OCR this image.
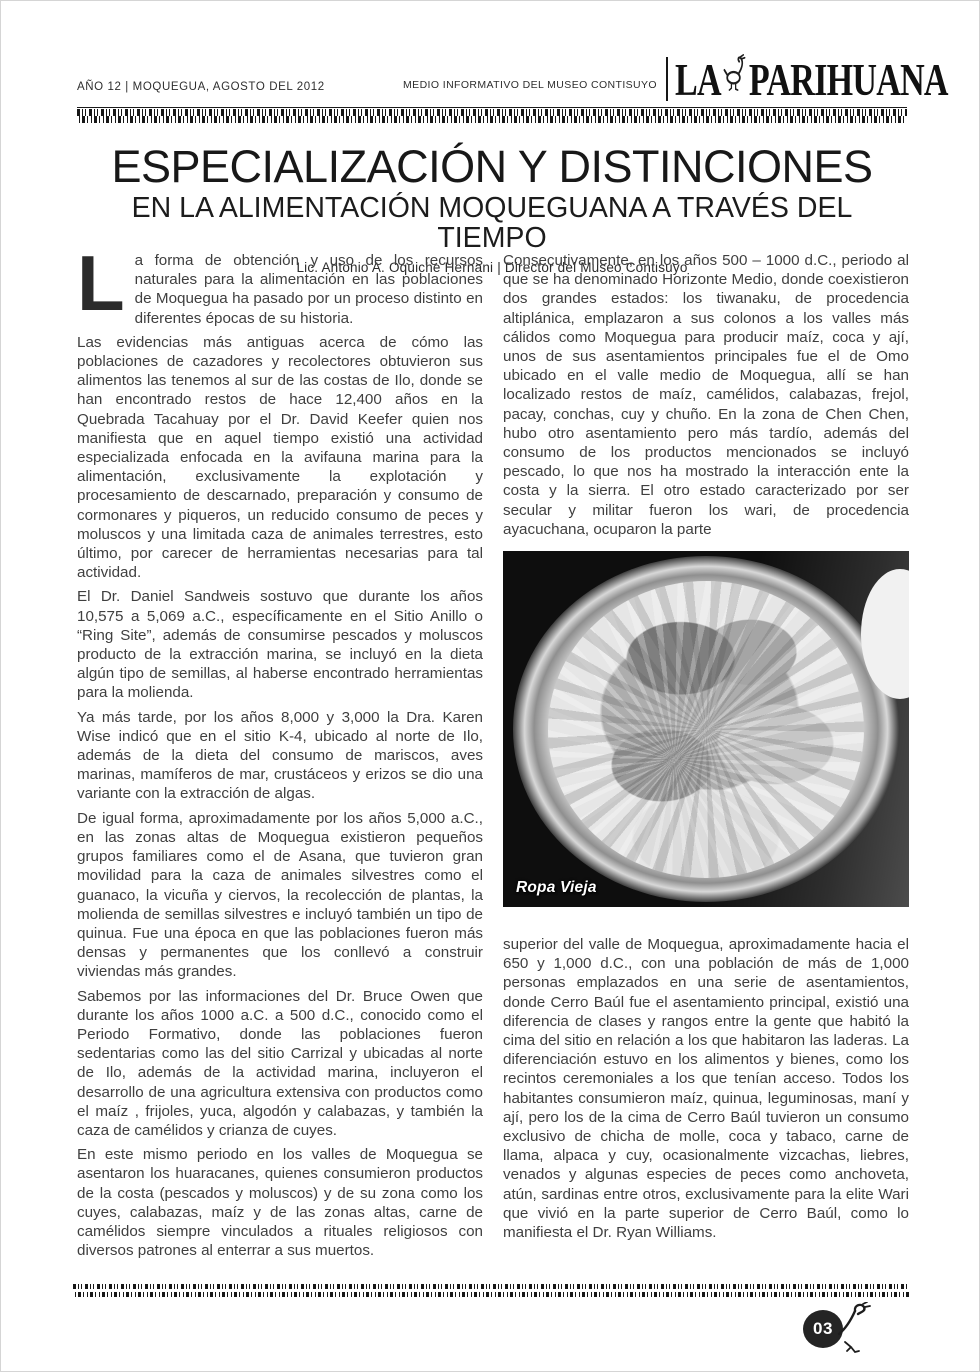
AÑO 12 | MOQUEGUA, AGOSTO DEL 2012	MEDIO INFORMATIVO DEL MUSEO CONTISUYO LA PARIHUANA
ESPECIALIZACIÓN Y DISTINCIONES
EN LA ALIMENTACIÓN MOQUEGUANA A TRAVÉS DEL TIEMPO
Lic. Antonio A. Oquiche Hernani | Director del Museo Contisuyo

La forma de obtención y uso de los recursos naturales para la alimentación en las poblaciones de Moquegua ha pasado por un proceso distinto en diferentes épocas de su historia.

Las evidencias más antiguas acerca de cómo las poblaciones de cazadores y recolectores obtuvieron sus alimentos las tenemos al sur de las costas de Ilo, donde se han encontrado restos de hace 12,400 años en la Quebrada Tacahuay por el Dr. David Keefer quien nos manifiesta que en aquel tiempo existió una actividad especializada enfocada en la avifauna marina para la alimentación, exclusivamente la explotación y procesamiento de descarnado, preparación y consumo de cormonares y piqueros, un reducido consumo de peces y moluscos y una limitada caza de animales terrestres, esto último, por carecer de herramientas necesarias para tal actividad.

El Dr. Daniel Sandweis sostuvo que durante los años 10,575 a 5,069 a.C., específicamente en el Sitio Anillo o “Ring Site”, además de consumirse pescados y moluscos producto de la extracción marina, se incluyó en la dieta algún tipo de semillas, al haberse encontrado herramientas para la molienda.

Ya más tarde, por los años 8,000 y 3,000 la Dra. Karen Wise indicó que en el sitio K-4, ubicado al norte de Ilo, además de la dieta del consumo de mariscos, aves marinas, mamíferos de mar, crustáceos y erizos se dio una variante con la extracción de algas.

De igual forma, aproximadamente por los años 5,000 a.C., en las zonas altas de Moquegua existieron pequeños grupos familiares como el de Asana, que tuvieron gran movilidad para la caza de animales silvestres como el guanaco, la vicuña y ciervos, la recolección de plantas, la molienda de semillas silvestres e incluyó también un tipo de quinua. Fue una época en que las poblaciones fueron más densas y permanentes que los conllevó a construir viviendas más grandes.

Sabemos por las informaciones del Dr. Bruce Owen que durante los años 1000 a.C. a 500 d.C., conocido como el Periodo Formativo, donde las poblaciones fueron sedentarias como las del sitio Carrizal y ubicadas al norte de Ilo, además de la actividad marina, incluyeron el desarrollo de una agricultura extensiva con productos como el maíz , frijoles, yuca, algodón y calabazas, y también la caza de camélidos y crianza de cuyes.

En este mismo periodo en los valles de Moquegua se asentaron los huaracanes, quienes consumieron productos de la costa (pescados y moluscos) y de su zona como los cuyes, calabazas, maíz y de las zonas altas, carne de camélidos siempre vinculados a rituales religiosos con diversos patrones al enterrar a sus muertos.

Consecutivamente, en los años 500 – 1000 d.C., periodo al que se ha denominado Horizonte Medio, donde coexistieron dos grandes estados: los tiwanaku, de procedencia altiplánica, emplazaron a sus colonos a los valles más cálidos como Moquegua para producir maíz, coca y ají, unos de sus asentamientos principales fue el de Omo ubicado en el valle medio de Moquegua, allí se han localizado restos de maíz, camélidos, calabazas, frejol, pacay, conchas, cuy y chuño. En la zona de Chen Chen, hubo otro asentamiento pero más tardío, además del consumo de los productos mencionados se incluyó pescado, lo que nos ha mostrado la interacción ente la costa y la sierra. El otro estado caracterizado por ser secular y militar fueron los wari, de procedencia ayacuchana, ocuparon la parte

Ropa Vieja

superior del valle de Moquegua, aproximadamente hacia el 650 y 1,000 d.C., con una población de más de 1,000 personas emplazados en una serie de asentamientos, donde Cerro Baúl fue el asentamiento principal, existió una diferencia de clases y rangos entre la gente que habitó la cima del sitio en relación a los que habitaron las laderas. La diferenciación estuvo en los alimentos y bienes, como los recintos ceremoniales a los que tenían acceso. Todos los habitantes consumieron maíz, quinua, leguminosas, maní y ají, pero los de la cima de Cerro Baúl tuvieron un consumo exclusivo de chicha de molle, coca y tabaco, carne de llama, alpaca y cuy, ocasionalmente vizcachas, liebres, venados y algunas especies de peces como anchoveta, atún, sardinas entre otros, exclusivamente para la elite Wari que vivió en la parte superior de Cerro Baúl, como lo manifiesta el Dr. Ryan Williams.

03
